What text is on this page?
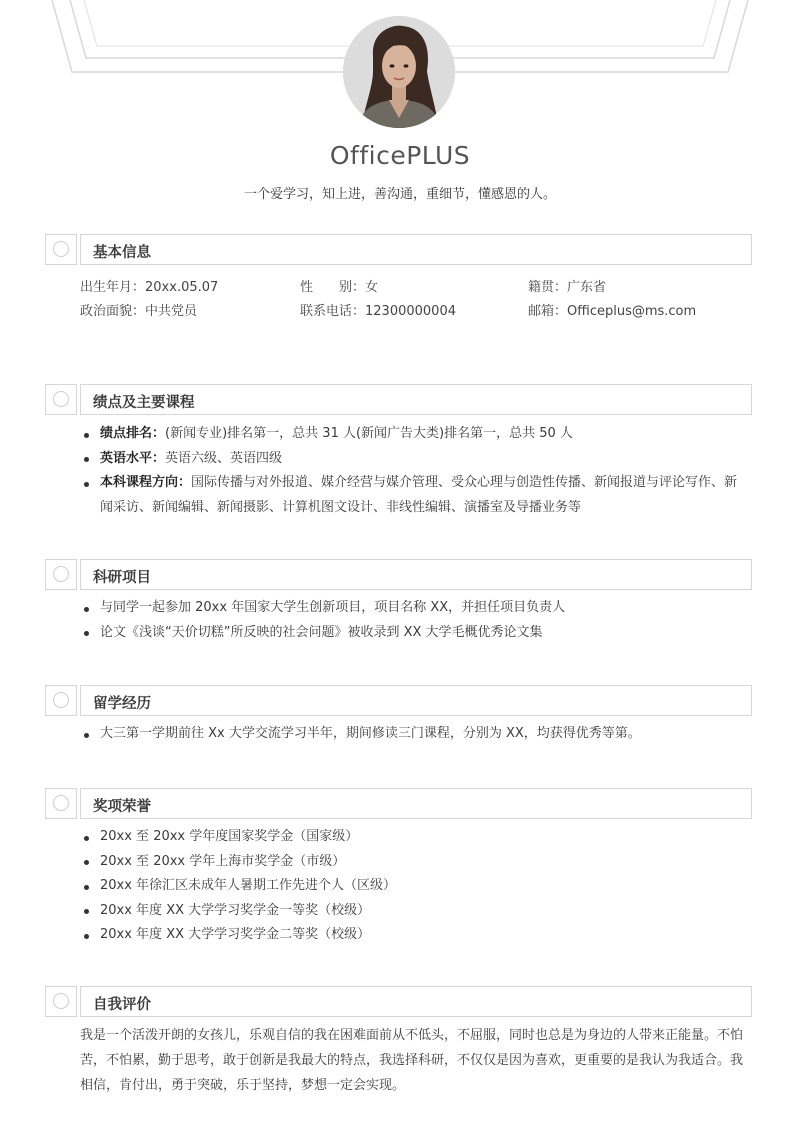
OfficePLUS
一个爱学习，知上进，善沟通，重细节，懂感恩的人。
基本信息
出生年月：20xx.05.07	性　　别：女	籍贯：广东省
政治面貌：中共党员	联系电话：12300000004	邮箱：Officeplus@ms.com
绩点及主要课程
绩点排名：(新闻专业)排名第一，总共 31 人(新闻广告大类)排名第一，总共 50 人
英语水平：英语六级、英语四级
本科课程方向：国际传播与对外报道、媒介经营与媒介管理、受众心理与创造性传播、新闻报道与评论写作、新闻采访、新闻编辑、新闻摄影、计算机图文设计、非线性编辑、演播室及导播业务等
科研项目
与同学一起参加 20xx 年国家大学生创新项目，项目名称 XX，并担任项目负责人
论文《浅谈“天价切糕”所反映的社会问题》被收录到 XX 大学毛概优秀论文集
留学经历
大三第一学期前往 Xx 大学交流学习半年，期间修读三门课程，分别为 XX，均获得优秀等第。
奖项荣誉
20xx 至 20xx 学年度国家奖学金（国家级）
20xx 至 20xx 学年上海市奖学金（市级）
20xx 年徐汇区未成年人暑期工作先进个人（区级）
20xx 年度 XX 大学学习奖学金一等奖（校级）
20xx 年度 XX 大学学习奖学金二等奖（校级）
自我评价
我是一个活泼开朗的女孩儿，乐观自信的我在困难面前从不低头，不屈服，同时也总是为身边的人带来正能量。不怕苦，不怕累，勤于思考，敢于创新是我最大的特点，我选择科研，不仅仅是因为喜欢，更重要的是我认为我适合。我相信，肯付出，勇于突破，乐于坚持，梦想一定会实现。
